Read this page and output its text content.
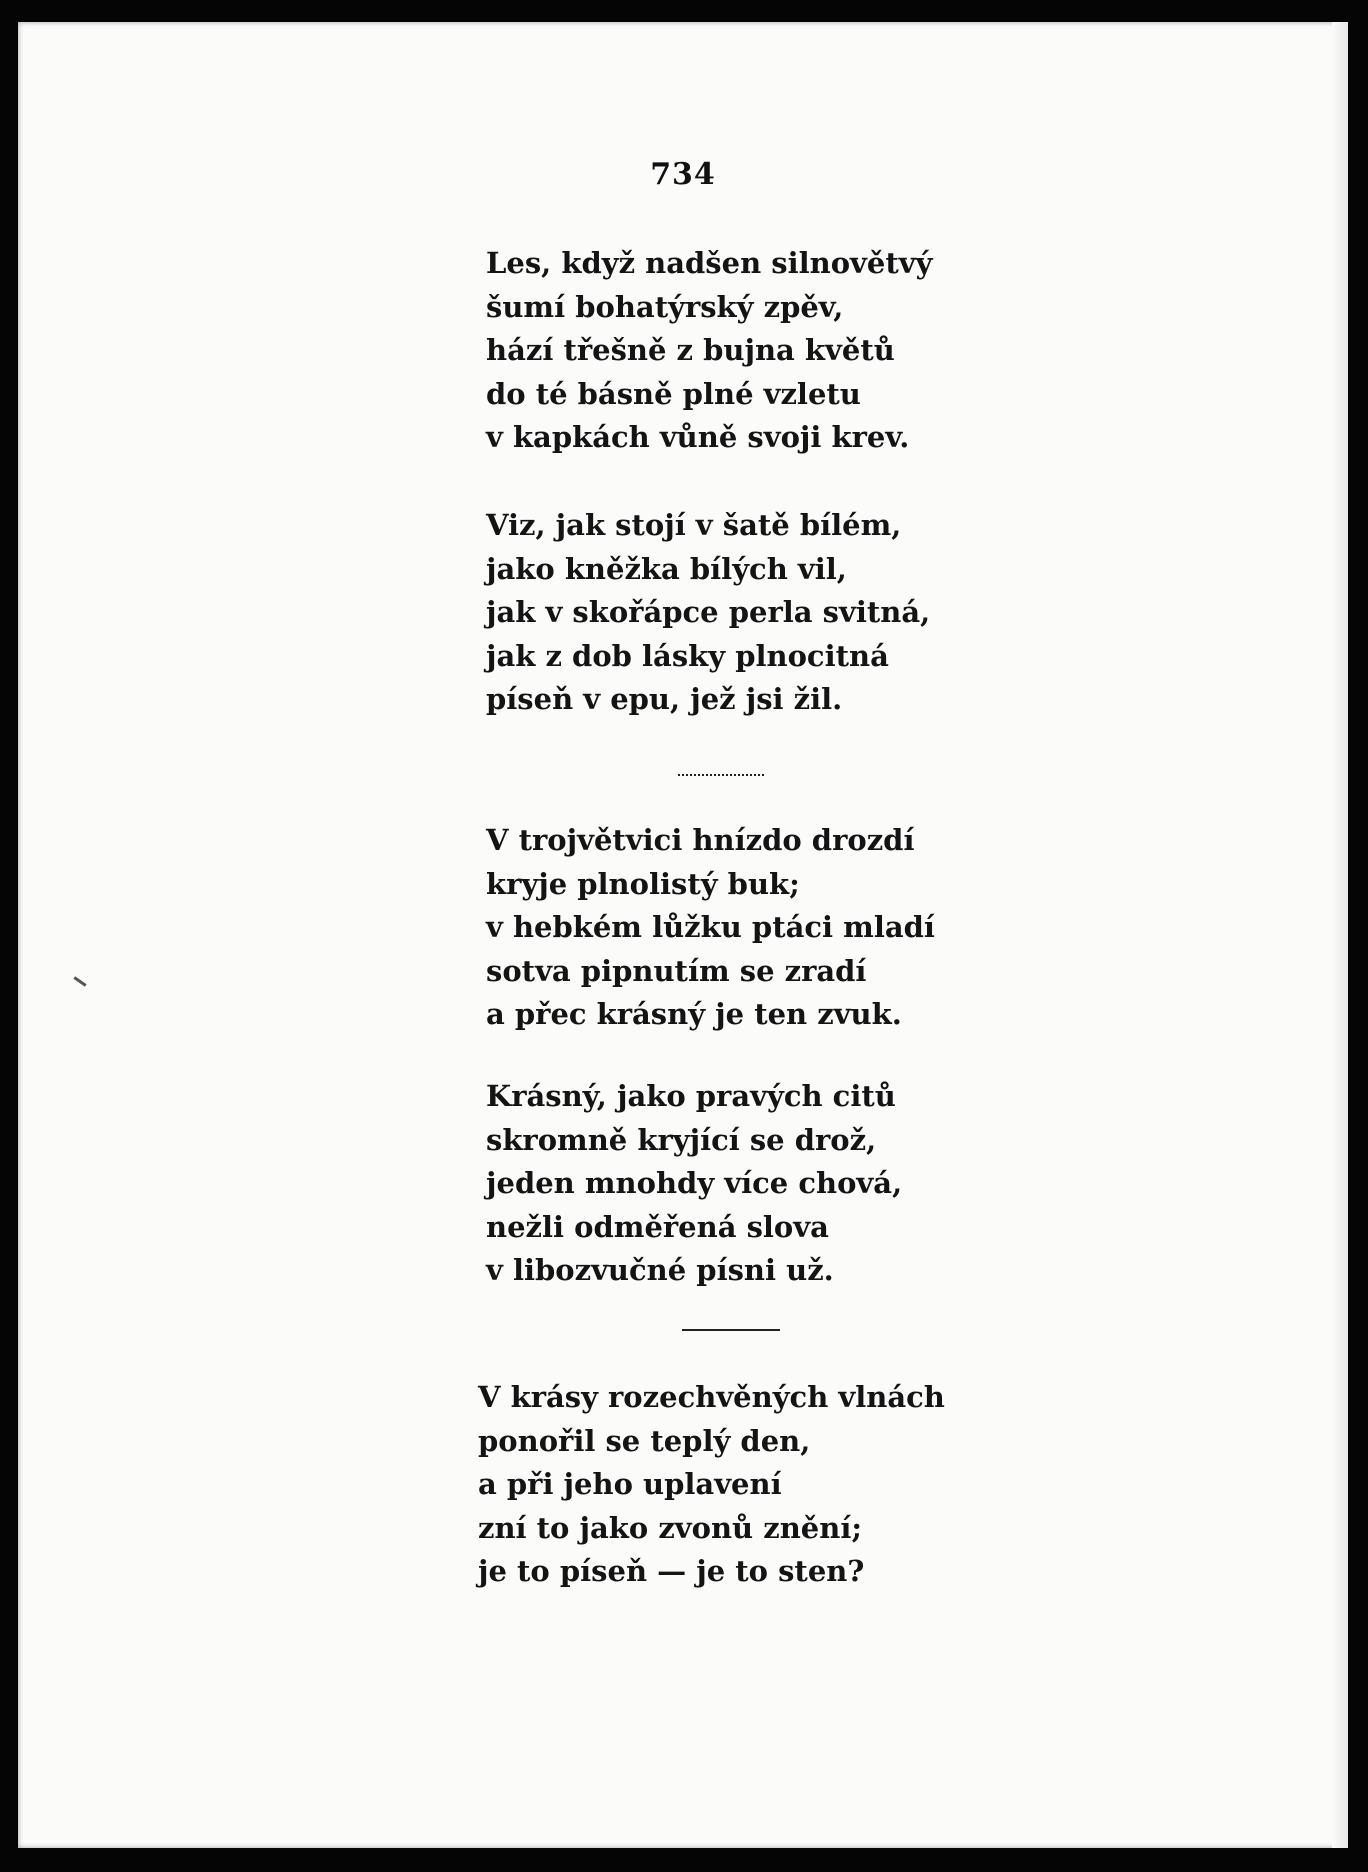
734
Les, když nadšen silnovětvý
šumí bohatýrský zpěv,
hází třešně z bujna květů
do té básně plné vzletu
v kapkách vůně svoji krev.
Viz, jak stojí v šatě bílém,
jako kněžka bílých vil,
jak v skořápce perla svitná,
jak z dob lásky plnocitná
píseň v epu, jež jsi žil.
V trojvětvici hnízdo drozdí
kryje plnolistý buk;
v hebkém lůžku ptáci mladí
sotva pipnutím se zradí
a přec krásný je ten zvuk.
Krásný, jako pravých citů
skromně kryjící se drož,
jeden mnohdy více chová,
nežli odměřená slova
v libozvučné písni už.
V krásy rozechvěných vlnách
ponořil se teplý den,
a při jeho uplavení
zní to jako zvonů znění;
je to píseň — je to sten?
